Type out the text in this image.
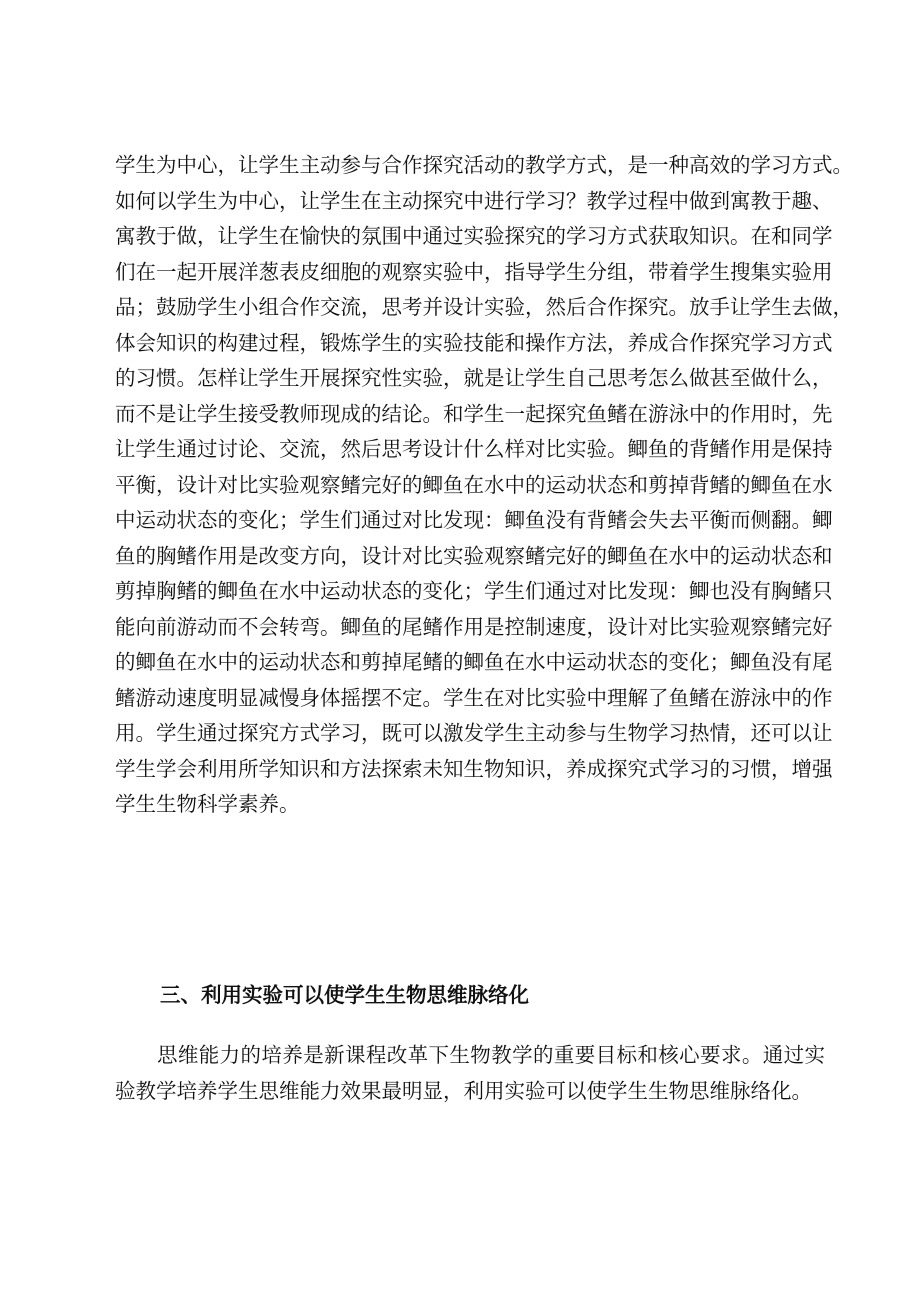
学生为中心，让学生主动参与合作探究活动的教学方式，是一种高效的学习方式。
如何以学生为中心，让学生在主动探究中进行学习？教学过程中做到寓教于趣、
寓教于做，让学生在愉快的氛围中通过实验探究的学习方式获取知识。在和同学
们在一起开展洋葱表皮细胞的观察实验中，指导学生分组，带着学生搜集实验用
品；鼓励学生小组合作交流，思考并设计实验，然后合作探究。放手让学生去做，
体会知识的构建过程，锻炼学生的实验技能和操作方法，养成合作探究学习方式
的习惯。怎样让学生开展探究性实验，就是让学生自己思考怎么做甚至做什么，
而不是让学生接受教师现成的结论。和学生一起探究鱼鳍在游泳中的作用时，先
让学生通过讨论、交流，然后思考设计什么样对比实验。鲫鱼的背鳍作用是保持
平衡，设计对比实验观察鳍完好的鲫鱼在水中的运动状态和剪掉背鳍的鲫鱼在水
中运动状态的变化；学生们通过对比发现：鲫鱼没有背鳍会失去平衡而侧翻。鲫
鱼的胸鳍作用是改变方向，设计对比实验观察鳍完好的鲫鱼在水中的运动状态和
剪掉胸鳍的鲫鱼在水中运动状态的变化；学生们通过对比发现：鲫也没有胸鳍只
能向前游动而不会转弯。鲫鱼的尾鳍作用是控制速度，设计对比实验观察鳍完好
的鲫鱼在水中的运动状态和剪掉尾鳍的鲫鱼在水中运动状态的变化；鲫鱼没有尾
鳍游动速度明显减慢身体摇摆不定。学生在对比实验中理解了鱼鳍在游泳中的作
用。学生通过探究方式学习，既可以激发学生主动参与生物学习热情，还可以让
学生学会利用所学知识和方法探索未知生物知识，养成探究式学习的习惯，增强
学生生物科学素养。

三、利用实验可以使学生生物思维脉络化
思维能力的培养是新课程改革下生物教学的重要目标和核心要求。通过实
验教学培养学生思维能力效果最明显，利用实验可以使学生生物思维脉络化。
